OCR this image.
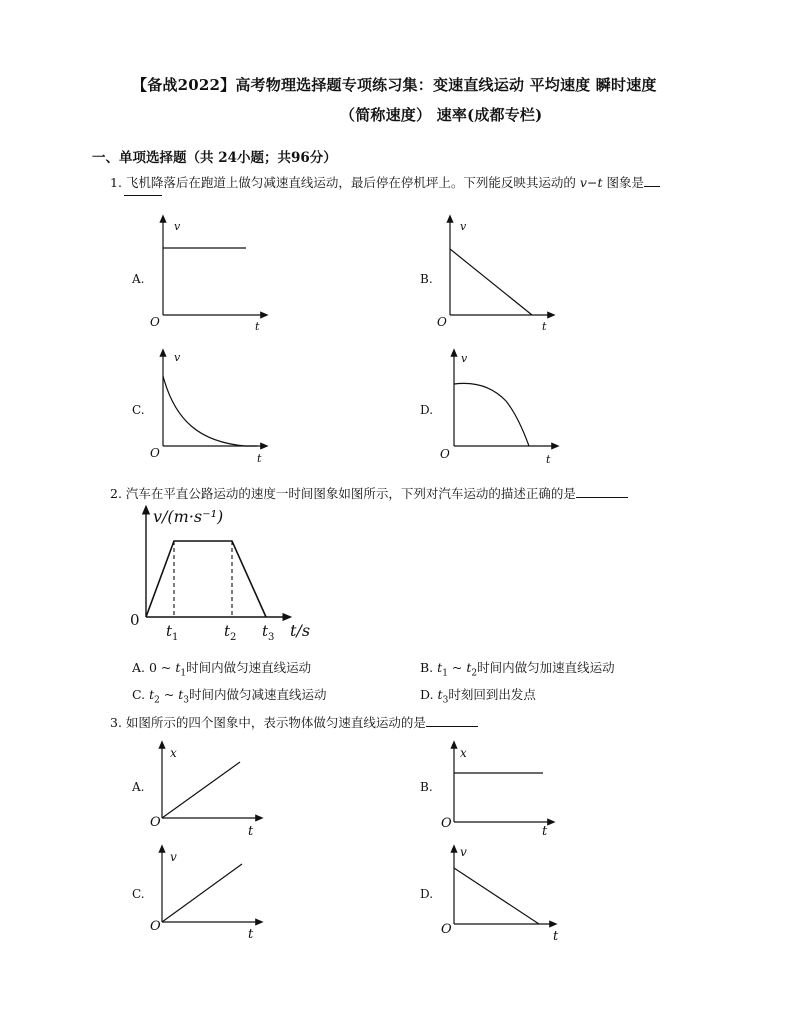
【备战2022】高考物理选择题专项练习集：变速直线运动 平均速度 瞬时速度
（简称速度） 速率(成都专栏)
一、单项选择题（共 24小题；共96分）
1. 飞机降落后在跑道上做匀减速直线运动，最后停在停机坪上。下列能反映其运动的 v−t 图象是
A.	B.
C.	D.
v
t
O
v
t
O
v
t
O
v
t
O
2. 汽车在平直公路运动的速度一时间图象如图所示，下列对汽车运动的描述正确的是
v/(m·s⁻¹)
0
$t_1$	$t_2$ $t_3$ t/s
A. 0 ~ $t_1$时间内做匀速直线运动	B. $t_1$ ~ $t_2$时间内做匀加速直线运动
C. $t_2$ ~ $t_3$时间内做匀减速直线运动	D. $t_3$时刻回到出发点
3. 如图所示的四个图象中，表示物体做匀速直线运动的是
A.	B.
C.	D.
x
t
O
x
t
O
v
t
O
v
t
O
